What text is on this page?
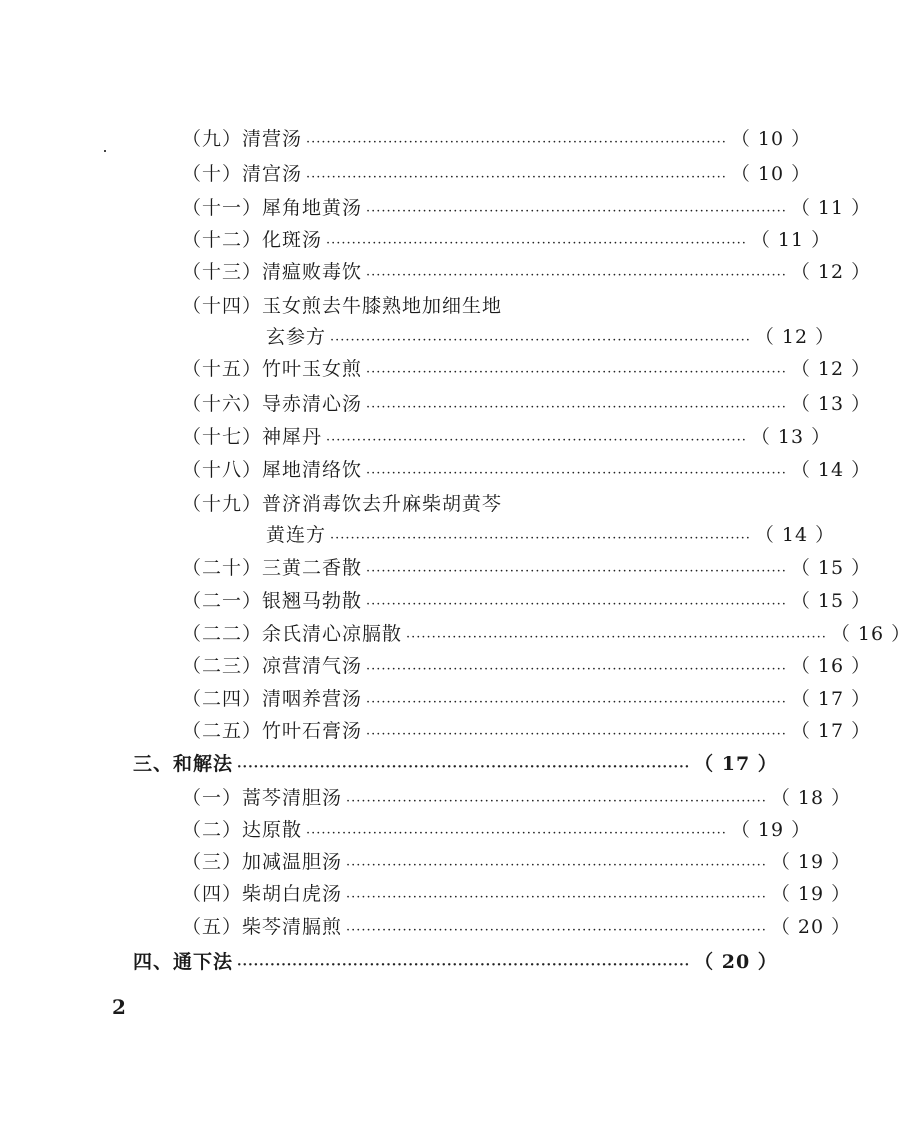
（九）清营汤 ·················································································· （ 10 ）
（十）清宫汤 ·················································································· （ 10 ）
（十一）犀角地黄汤 ·················································································· （ 11 ）
（十二）化斑汤 ·················································································· （ 11 ）
（十三）清瘟败毒饮 ·················································································· （ 12 ）
（十四）玉女煎去牛膝熟地加细生地
玄参方 ·················································································· （ 12 ）
（十五）竹叶玉女煎 ·················································································· （ 12 ）
（十六）导赤清心汤 ·················································································· （ 13 ）
（十七）神犀丹 ·················································································· （ 13 ）
（十八）犀地清络饮 ·················································································· （ 14 ）
（十九）普济消毒饮去升麻柴胡黄芩
黄连方 ·················································································· （ 14 ）
（二十）三黄二香散 ·················································································· （ 15 ）
（二一）银翘马勃散 ·················································································· （ 15 ）
（二二）余氏清心凉膈散 ·················································································· （ 16 ）
（二三）凉营清气汤 ·················································································· （ 16 ）
（二四）清咽养营汤 ·················································································· （ 17 ）
（二五）竹叶石膏汤 ·················································································· （ 17 ）
三、和解法 ·················································································· （ 17 ）
（一）蒿芩清胆汤 ·················································································· （ 18 ）
（二）达原散 ·················································································· （ 19 ）
（三）加减温胆汤 ·················································································· （ 19 ）
（四）柴胡白虎汤 ·················································································· （ 19 ）
（五）柴芩清膈煎 ·················································································· （ 20 ）
四、通下法 ·················································································· （ 20 ）
2
